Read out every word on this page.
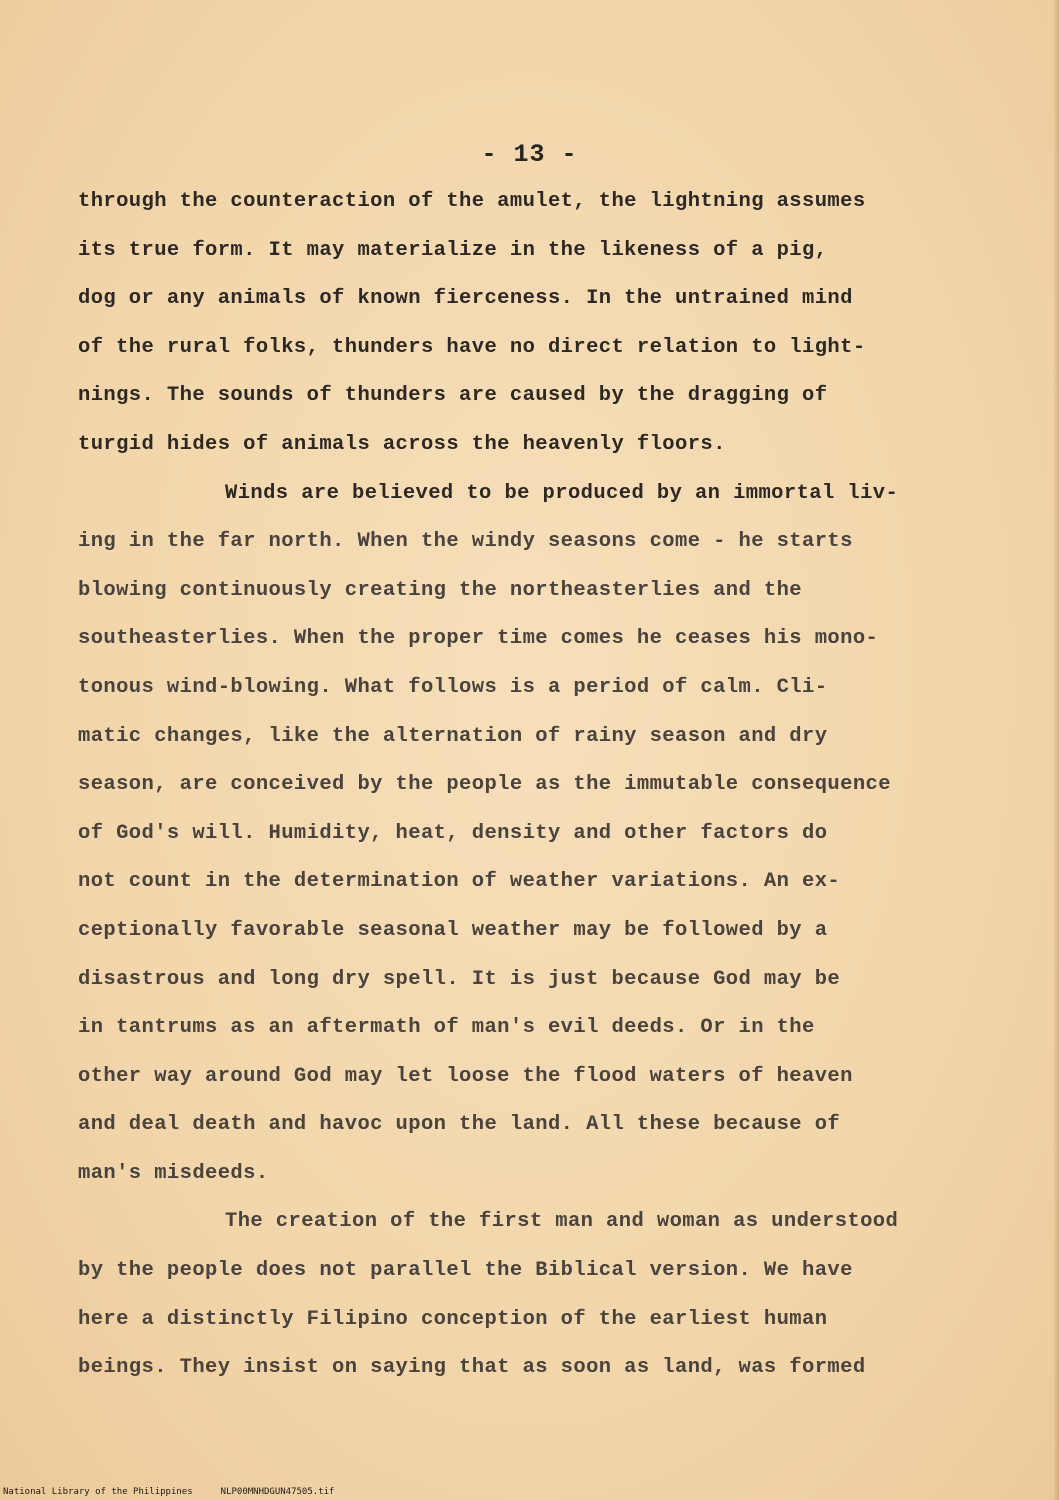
- 13 -
through the counteraction of the amulet, the lightning assumes
its true form. It may materialize in the likeness of a pig,
dog or any animals of known fierceness. In the untrained mind
of the rural folks, thunders have no direct relation to light-
nings. The sounds of thunders are caused by the dragging of
turgid hides of animals across the heavenly floors.
Winds are believed to be produced by an immortal liv-
ing in the far north. When the windy seasons come - he starts
blowing continuously creating the northeasterlies and the
southeasterlies. When the proper time comes he ceases his mono-
tonous wind-blowing. What follows is a period of calm. Cli-
matic changes, like the alternation of rainy season and dry
season, are conceived by the people as the immutable consequence
of God's will. Humidity, heat, density and other factors do
not count in the determination of weather variations. An ex-
ceptionally favorable seasonal weather may be followed by a
disastrous and long dry spell. It is just because God may be
in tantrums as an aftermath of man's evil deeds. Or in the
other way around God may let loose the flood waters of heaven
and deal death and havoc upon the land. All these because of
man's misdeeds.
The creation of the first man and woman as understood
by the people does not parallel the Biblical version. We have
here a distinctly Filipino conception of the earliest human
beings. They insist on saying that as soon as land, was formed
National Library of the Philippines	NLP00MNHDGUN47505.tif
